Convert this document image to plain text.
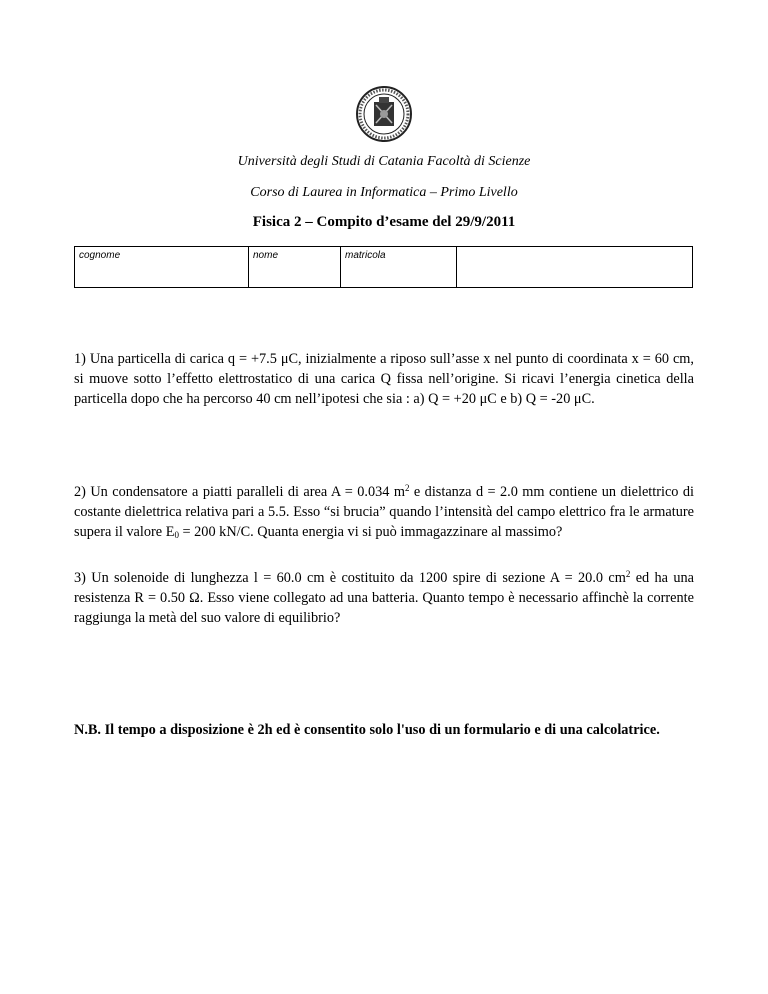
Università degli Studi di Catania Facoltà di Scienze
Corso di Laurea in Informatica – Primo Livello
Fisica 2 – Compito d’esame del 29/9/2011
cognome	nome	matricola	
1) Una particella di carica q = +7.5 μC, inizialmente a riposo sull’asse x nel punto di coordinata x = 60 cm, si muove sotto l’effetto elettrostatico di una carica Q fissa nell’origine. Si ricavi l’energia cinetica della particella dopo che ha percorso 40 cm nell’ipotesi che sia : a) Q = +20 μC e b) Q = -20 μC.
2) Un condensatore a piatti paralleli di area A = 0.034 $m^2$ e distanza d = 2.0 mm contiene un dielettrico di costante dielettrica relativa pari a 5.5. Esso “si brucia” quando l’intensità del campo elettrico fra le armature supera il valore $E_0 = 200$ kN/C. Quanta energia vi si può immagazzinare al massimo?
3) Un solenoide di lunghezza l = 60.0 cm è costituito da 1200 spire di sezione A = 20.0 $cm^2$ ed ha una resistenza R = 0.50 Ω. Esso viene collegato ad una batteria. Quanto tempo è necessario affinchè la corrente raggiunga la metà del suo valore di equilibrio?
N.B. Il tempo a disposizione è 2h ed è consentito solo l'uso di un formulario e di una calcolatrice.
